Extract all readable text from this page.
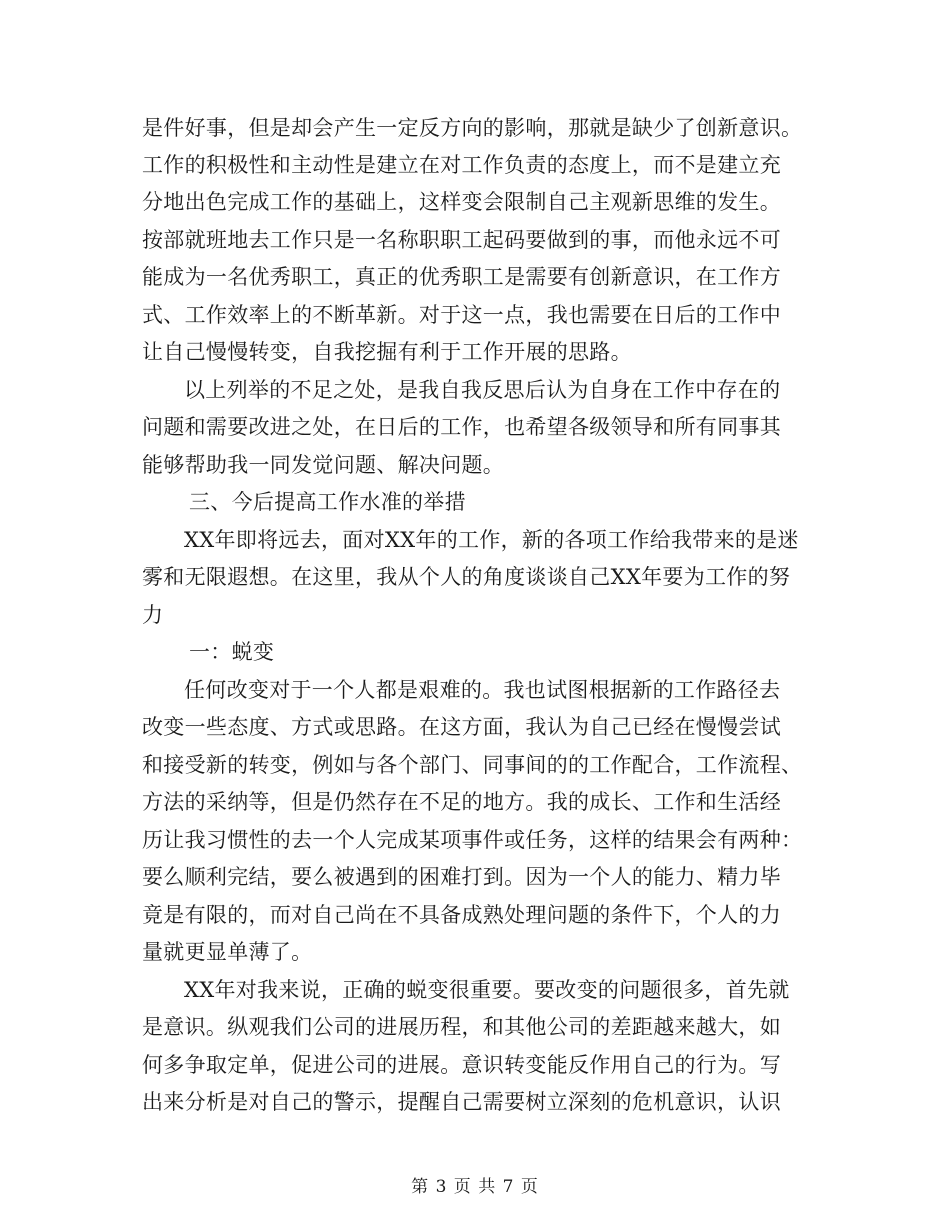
是件好事，但是却会产生一定反方向的影响，那就是缺少了创新意识。
工作的积极性和主动性是建立在对工作负责的态度上，而不是建立充
分地出色完成工作的基础上，这样变会限制自己主观新思维的发生。
按部就班地去工作只是一名称职职工起码要做到的事，而他永远不可
能成为一名优秀职工，真正的优秀职工是需要有创新意识，在工作方
式、工作效率上的不断革新。对于这一点，我也需要在日后的工作中
让自己慢慢转变，自我挖掘有利于工作开展的思路。
以上列举的不足之处，是我自我反思后认为自身在工作中存在的
问题和需要改进之处，在日后的工作，也希望各级领导和所有同事其
能够帮助我一同发觉问题、解决问题。
三、今后提高工作水准的举措
XX年即将远去，面对XX年的工作，新的各项工作给我带来的是迷
雾和无限遐想。在这里，我从个人的角度谈谈自己XX年要为工作的努
力
一：蜕变
任何改变对于一个人都是艰难的。我也试图根据新的工作路径去
改变一些态度、方式或思路。在这方面，我认为自己已经在慢慢尝试
和接受新的转变，例如与各个部门、同事间的的工作配合，工作流程、
方法的采纳等，但是仍然存在不足的地方。我的成长、工作和生活经
历让我习惯性的去一个人完成某项事件或任务，这样的结果会有两种：
要么顺利完结，要么被遇到的困难打到。因为一个人的能力、精力毕
竟是有限的，而对自己尚在不具备成熟处理问题的条件下，个人的力
量就更显单薄了。
XX年对我来说，正确的蜕变很重要。要改变的问题很多，首先就
是意识。纵观我们公司的进展历程，和其他公司的差距越来越大，如
何多争取定单，促进公司的进展。意识转变能反作用自己的行为。写
出来分析是对自己的警示，提醒自己需要树立深刻的危机意识，认识
第 3 页 共 7 页
